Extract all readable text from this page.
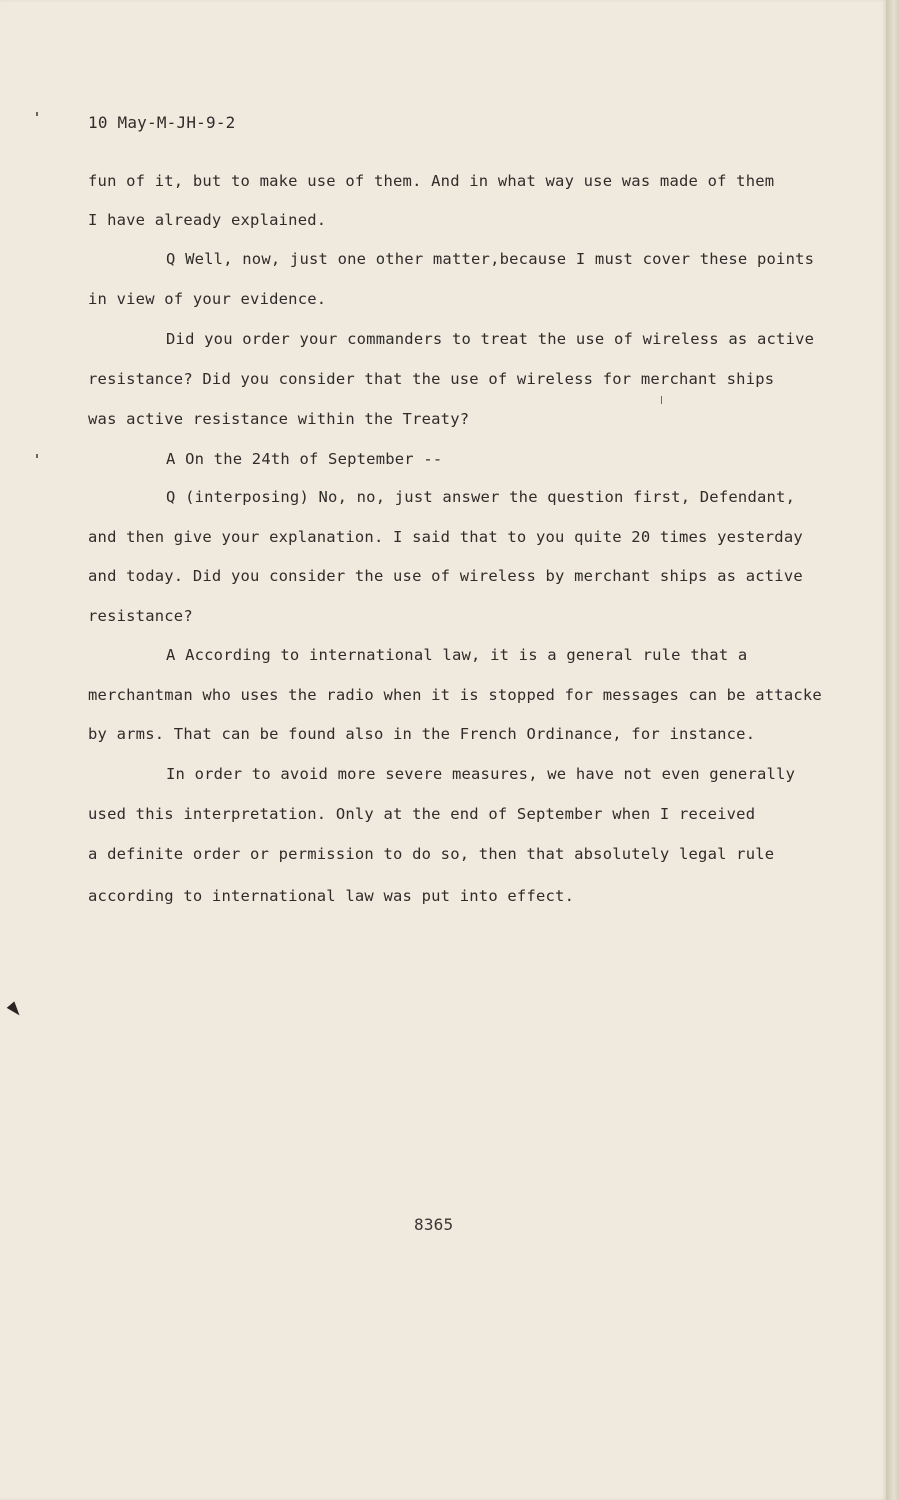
10 May-M-JH-9-2
fun of it, but to make use of them. And in what way use was made of them
I have already explained.
Q Well, now, just one other matter,because I must cover these points
in view of your evidence.
Did you order your commanders to treat the use of wireless as active
resistance? Did you consider that the use of wireless for merchant ships
was active resistance within the Treaty?
A On the 24th of September --
Q (interposing) No, no, just answer the question first, Defendant,
and then give your explanation. I said that to you quite 20 times yesterday
and today. Did you consider the use of wireless by merchant ships as active
resistance?
A According to international law, it is a general rule that a
merchantman who uses the radio when it is stopped for messages can be attacke
by arms. That can be found also in the French Ordinance, for instance.
In order to avoid more severe measures, we have not even generally
used this interpretation. Only at the end of September when I received
a definite order or permission to do so, then that absolutely legal rule
according to international law was put into effect.
8365
